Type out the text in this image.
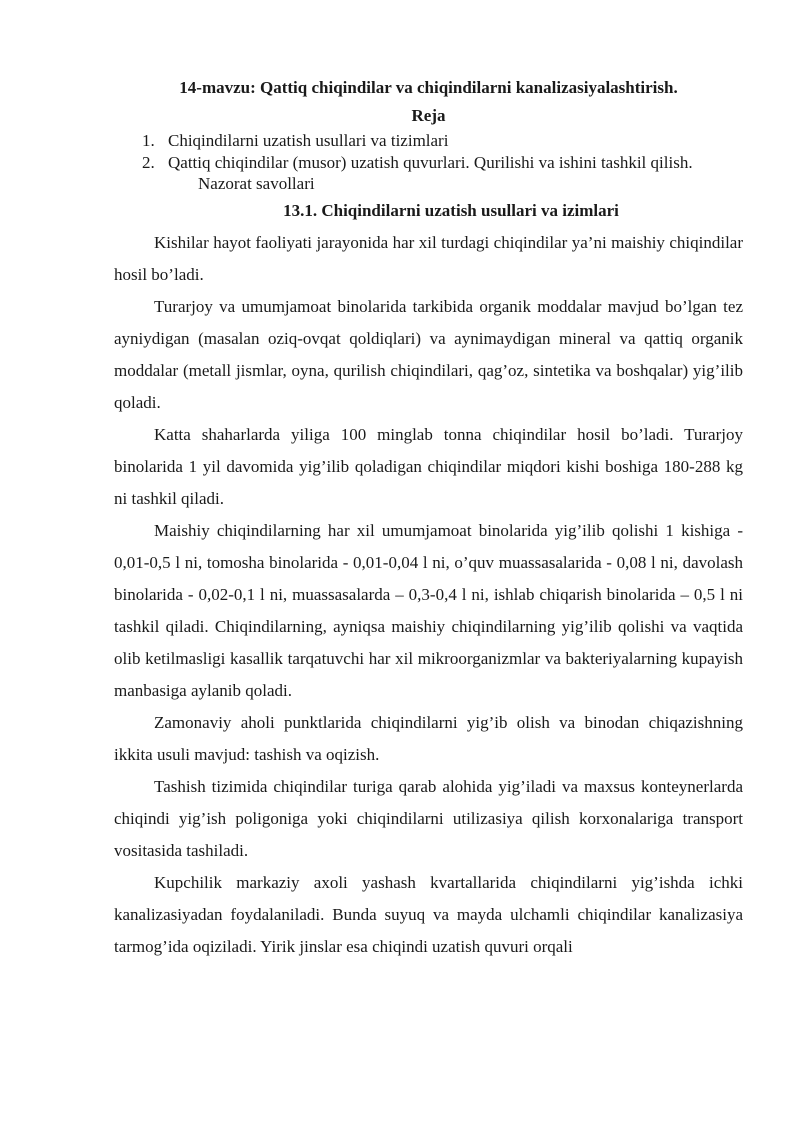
14-mavzu: Qattiq chiqindilar va chiqindilarni kanalizasiyalashtirish.
Reja
1. Chiqindilarni uzatish usullari va tizimlari
2. Qattiq chiqindilar (musor) uzatish quvurlari. Qurilishi va ishini tashkil qilish.
Nazorat savollari
13.1. Chiqindilarni uzatish usullari va izimlari

Kishilar hayot faoliyati jarayonida har xil turdagi chiqindilar ya’ni maishiy chiqindilar hosil bo’ladi.

Turarjoy va umumjamoat binolarida tarkibida organik moddalar mavjud bo’lgan tez ayniydigan (masalan oziq-ovqat qoldiqlari) va aynimaydigan mineral va qattiq organik moddalar (metall jismlar, oyna, qurilish chiqindilari, qag’oz, sintetika va boshqalar) yig’ilib qoladi.

Katta shaharlarda yiliga 100 minglab tonna chiqindilar hosil bo’ladi. Turarjoy binolarida 1 yil davomida yig’ilib qoladigan chiqindilar miqdori kishi boshiga 180-288 kg ni tashkil qiladi.

Maishiy chiqindilarning har xil umumjamoat binolarida yig’ilib qolishi 1 kishiga - 0,01-0,5 l ni, tomosha binolarida - 0,01-0,04 l ni, o’quv muassasalarida - 0,08 l ni, davolash binolarida - 0,02-0,1 l ni, muassasalarda – 0,3-0,4 l ni, ishlab chiqarish binolarida – 0,5 l ni tashkil qiladi. Chiqindilarning, ayniqsa maishiy chiqindilarning yig’ilib qolishi va vaqtida olib ketilmasligi kasallik tarqatuvchi har xil mikroorganizmlar va bakteriyalarning kupayish manbasiga aylanib qoladi.

Zamonaviy aholi punktlarida chiqindilarni yig’ib olish va binodan chiqazishning ikkita usuli mavjud: tashish va oqizish.

Tashish tizimida chiqindilar turiga qarab alohida yig’iladi va maxsus konteynerlarda chiqindi yig’ish poligoniga yoki chiqindilarni utilizasiya qilish korxonalariga transport vositasida tashiladi.

Kupchilik markaziy axoli yashash kvartallarida chiqindilarni yig’ishda ichki kanalizasiyadan foydalaniladi. Bunda suyuq va mayda ulchamli chiqindilar kanalizasiya tarmog’ida oqiziladi. Yirik jinslar esa chiqindi uzatish quvuri orqali
